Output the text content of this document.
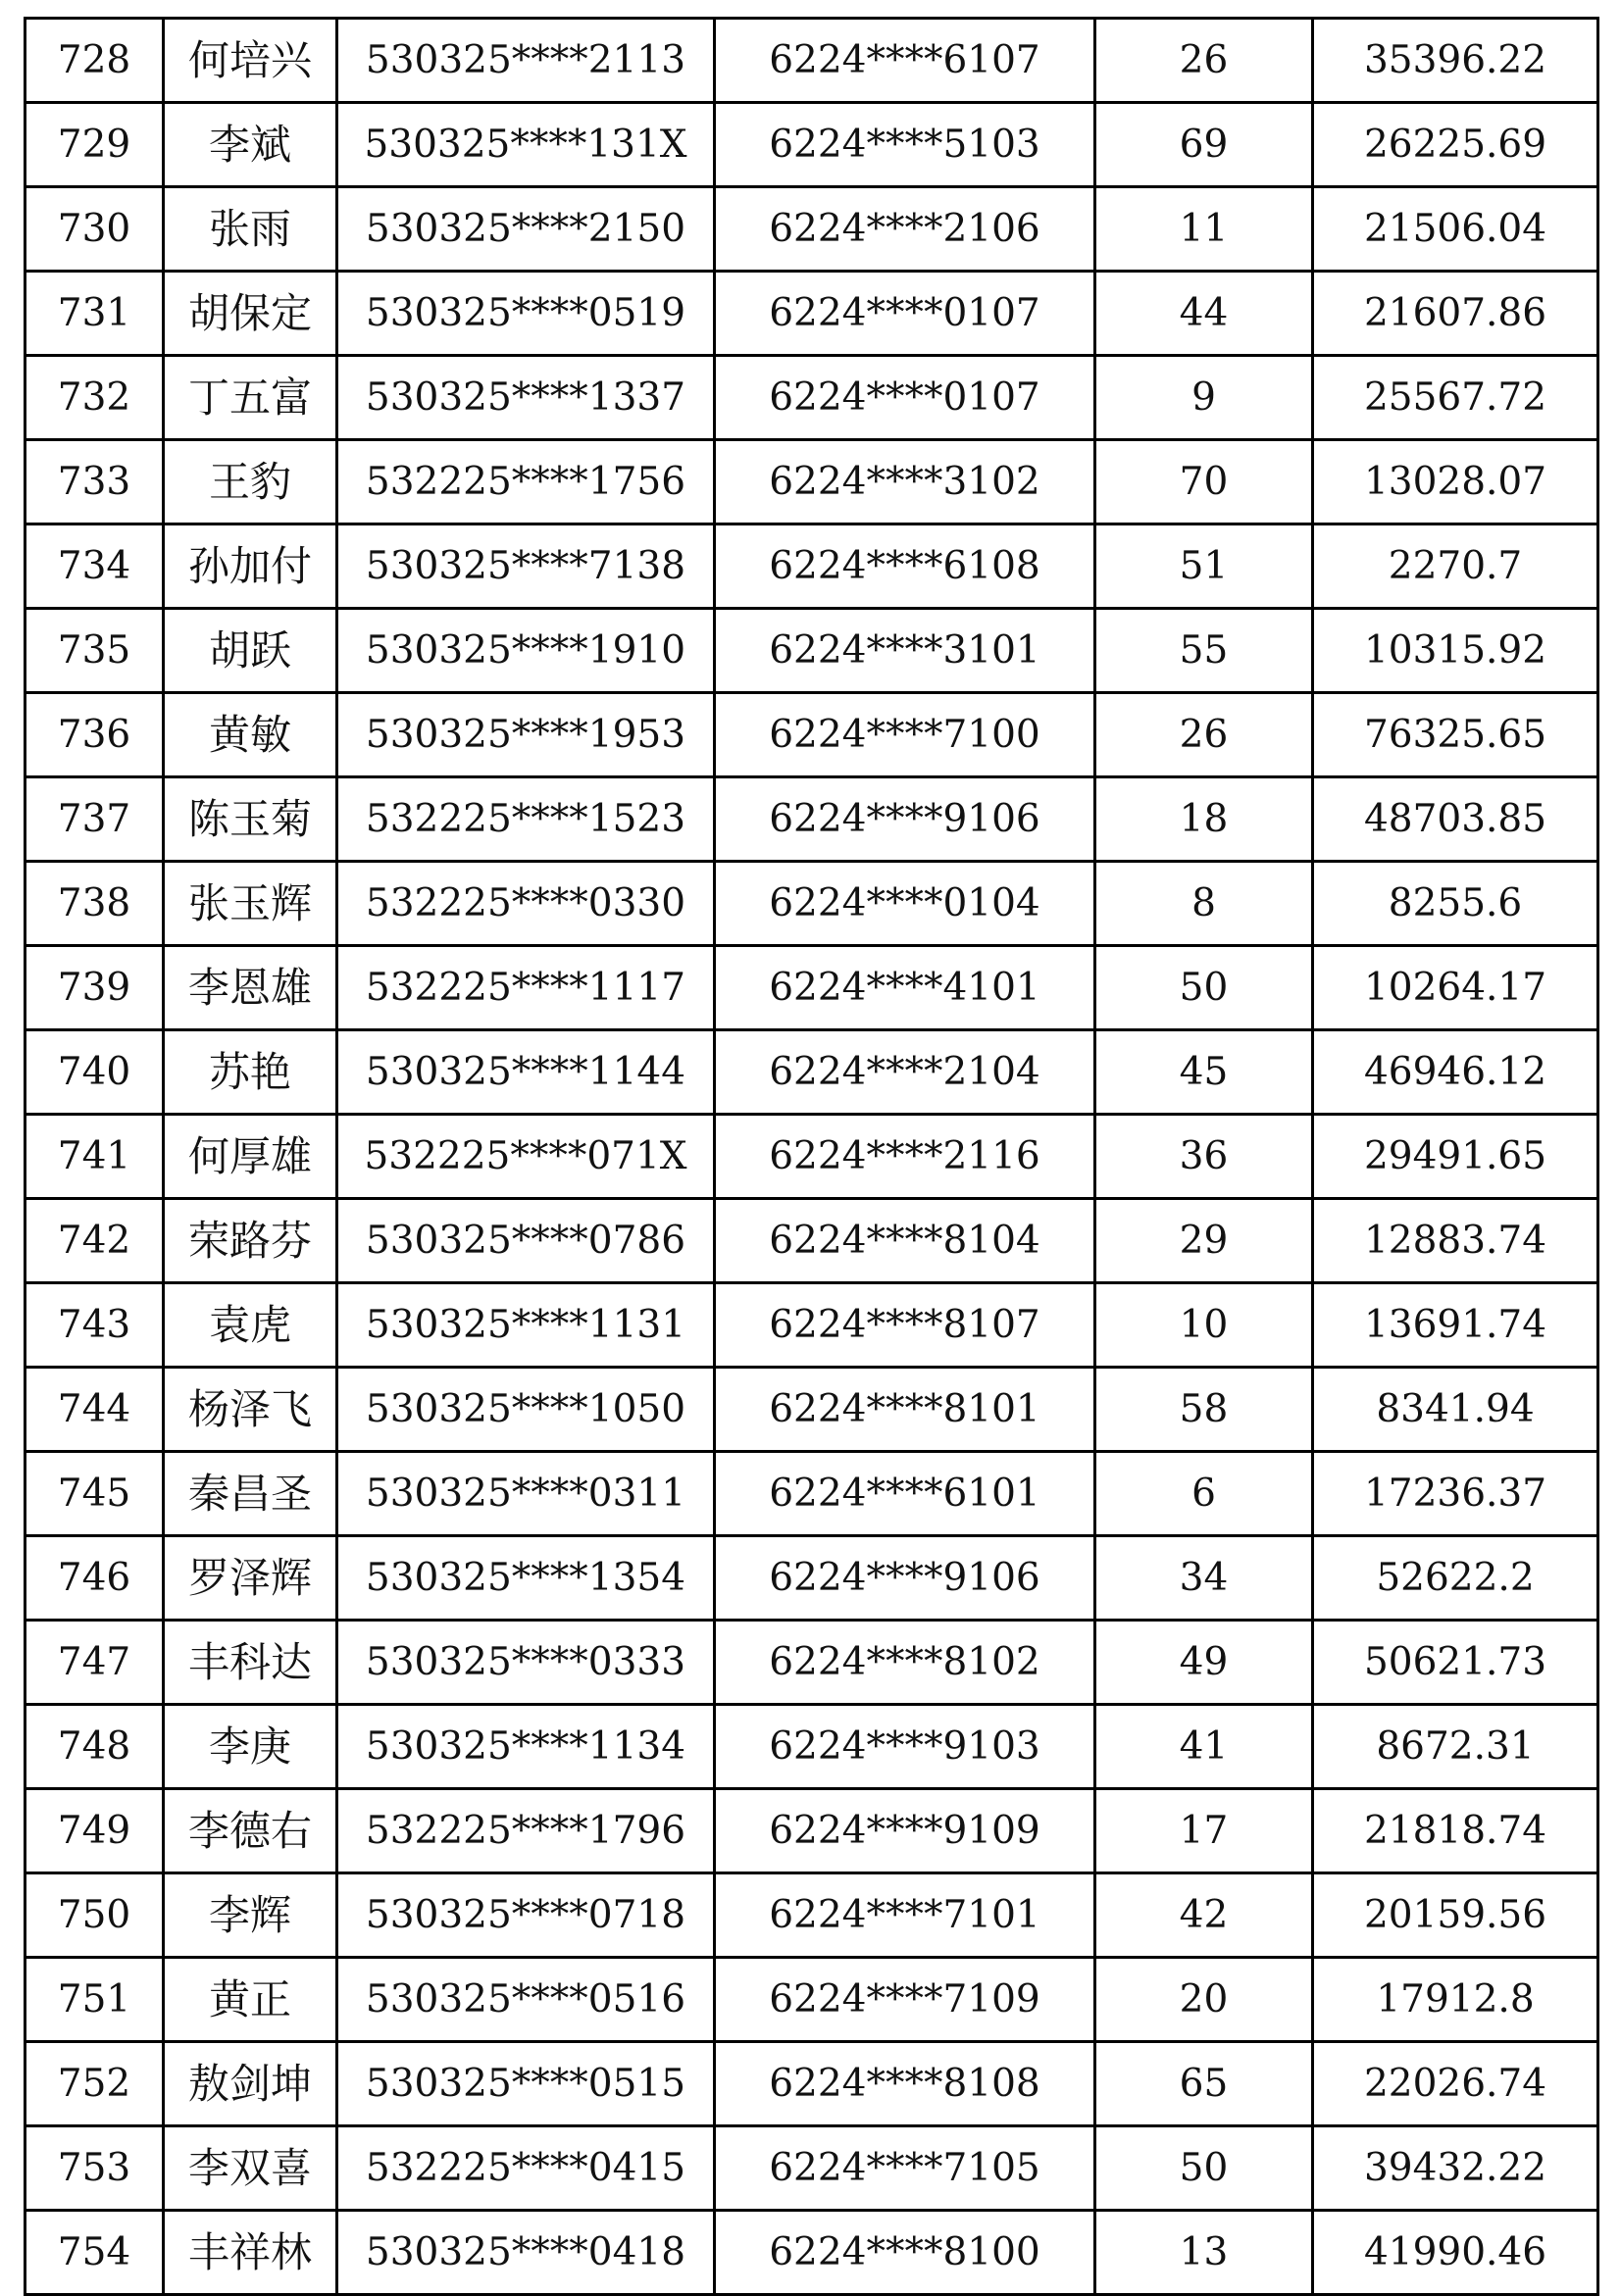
728	何培兴	530325****2113	6224****6107	26	35396.22
729	李斌	530325****131X	6224****5103	69	26225.69
730	张雨	530325****2150	6224****2106	11	21506.04
731	胡保定	530325****0519	6224****0107	44	21607.86
732	丁五富	530325****1337	6224****0107	9	25567.72
733	王豹	532225****1756	6224****3102	70	13028.07
734	孙加付	530325****7138	6224****6108	51	2270.7
735	胡跃	530325****1910	6224****3101	55	10315.92
736	黄敏	530325****1953	6224****7100	26	76325.65
737	陈玉菊	532225****1523	6224****9106	18	48703.85
738	张玉辉	532225****0330	6224****0104	8	8255.6
739	李恩雄	532225****1117	6224****4101	50	10264.17
740	苏艳	530325****1144	6224****2104	45	46946.12
741	何厚雄	532225****071X	6224****2116	36	29491.65
742	荣路芬	530325****0786	6224****8104	29	12883.74
743	袁虎	530325****1131	6224****8107	10	13691.74
744	杨泽飞	530325****1050	6224****8101	58	8341.94
745	秦昌圣	530325****0311	6224****6101	6	17236.37
746	罗泽辉	530325****1354	6224****9106	34	52622.2
747	丰科达	530325****0333	6224****8102	49	50621.73
748	李庚	530325****1134	6224****9103	41	8672.31
749	李德右	532225****1796	6224****9109	17	21818.74
750	李辉	530325****0718	6224****7101	42	20159.56
751	黄正	530325****0516	6224****7109	20	17912.8
752	敖剑坤	530325****0515	6224****8108	65	22026.74
753	李双喜	532225****0415	6224****7105	50	39432.22
754	丰祥林	530325****0418	6224****8100	13	41990.46
